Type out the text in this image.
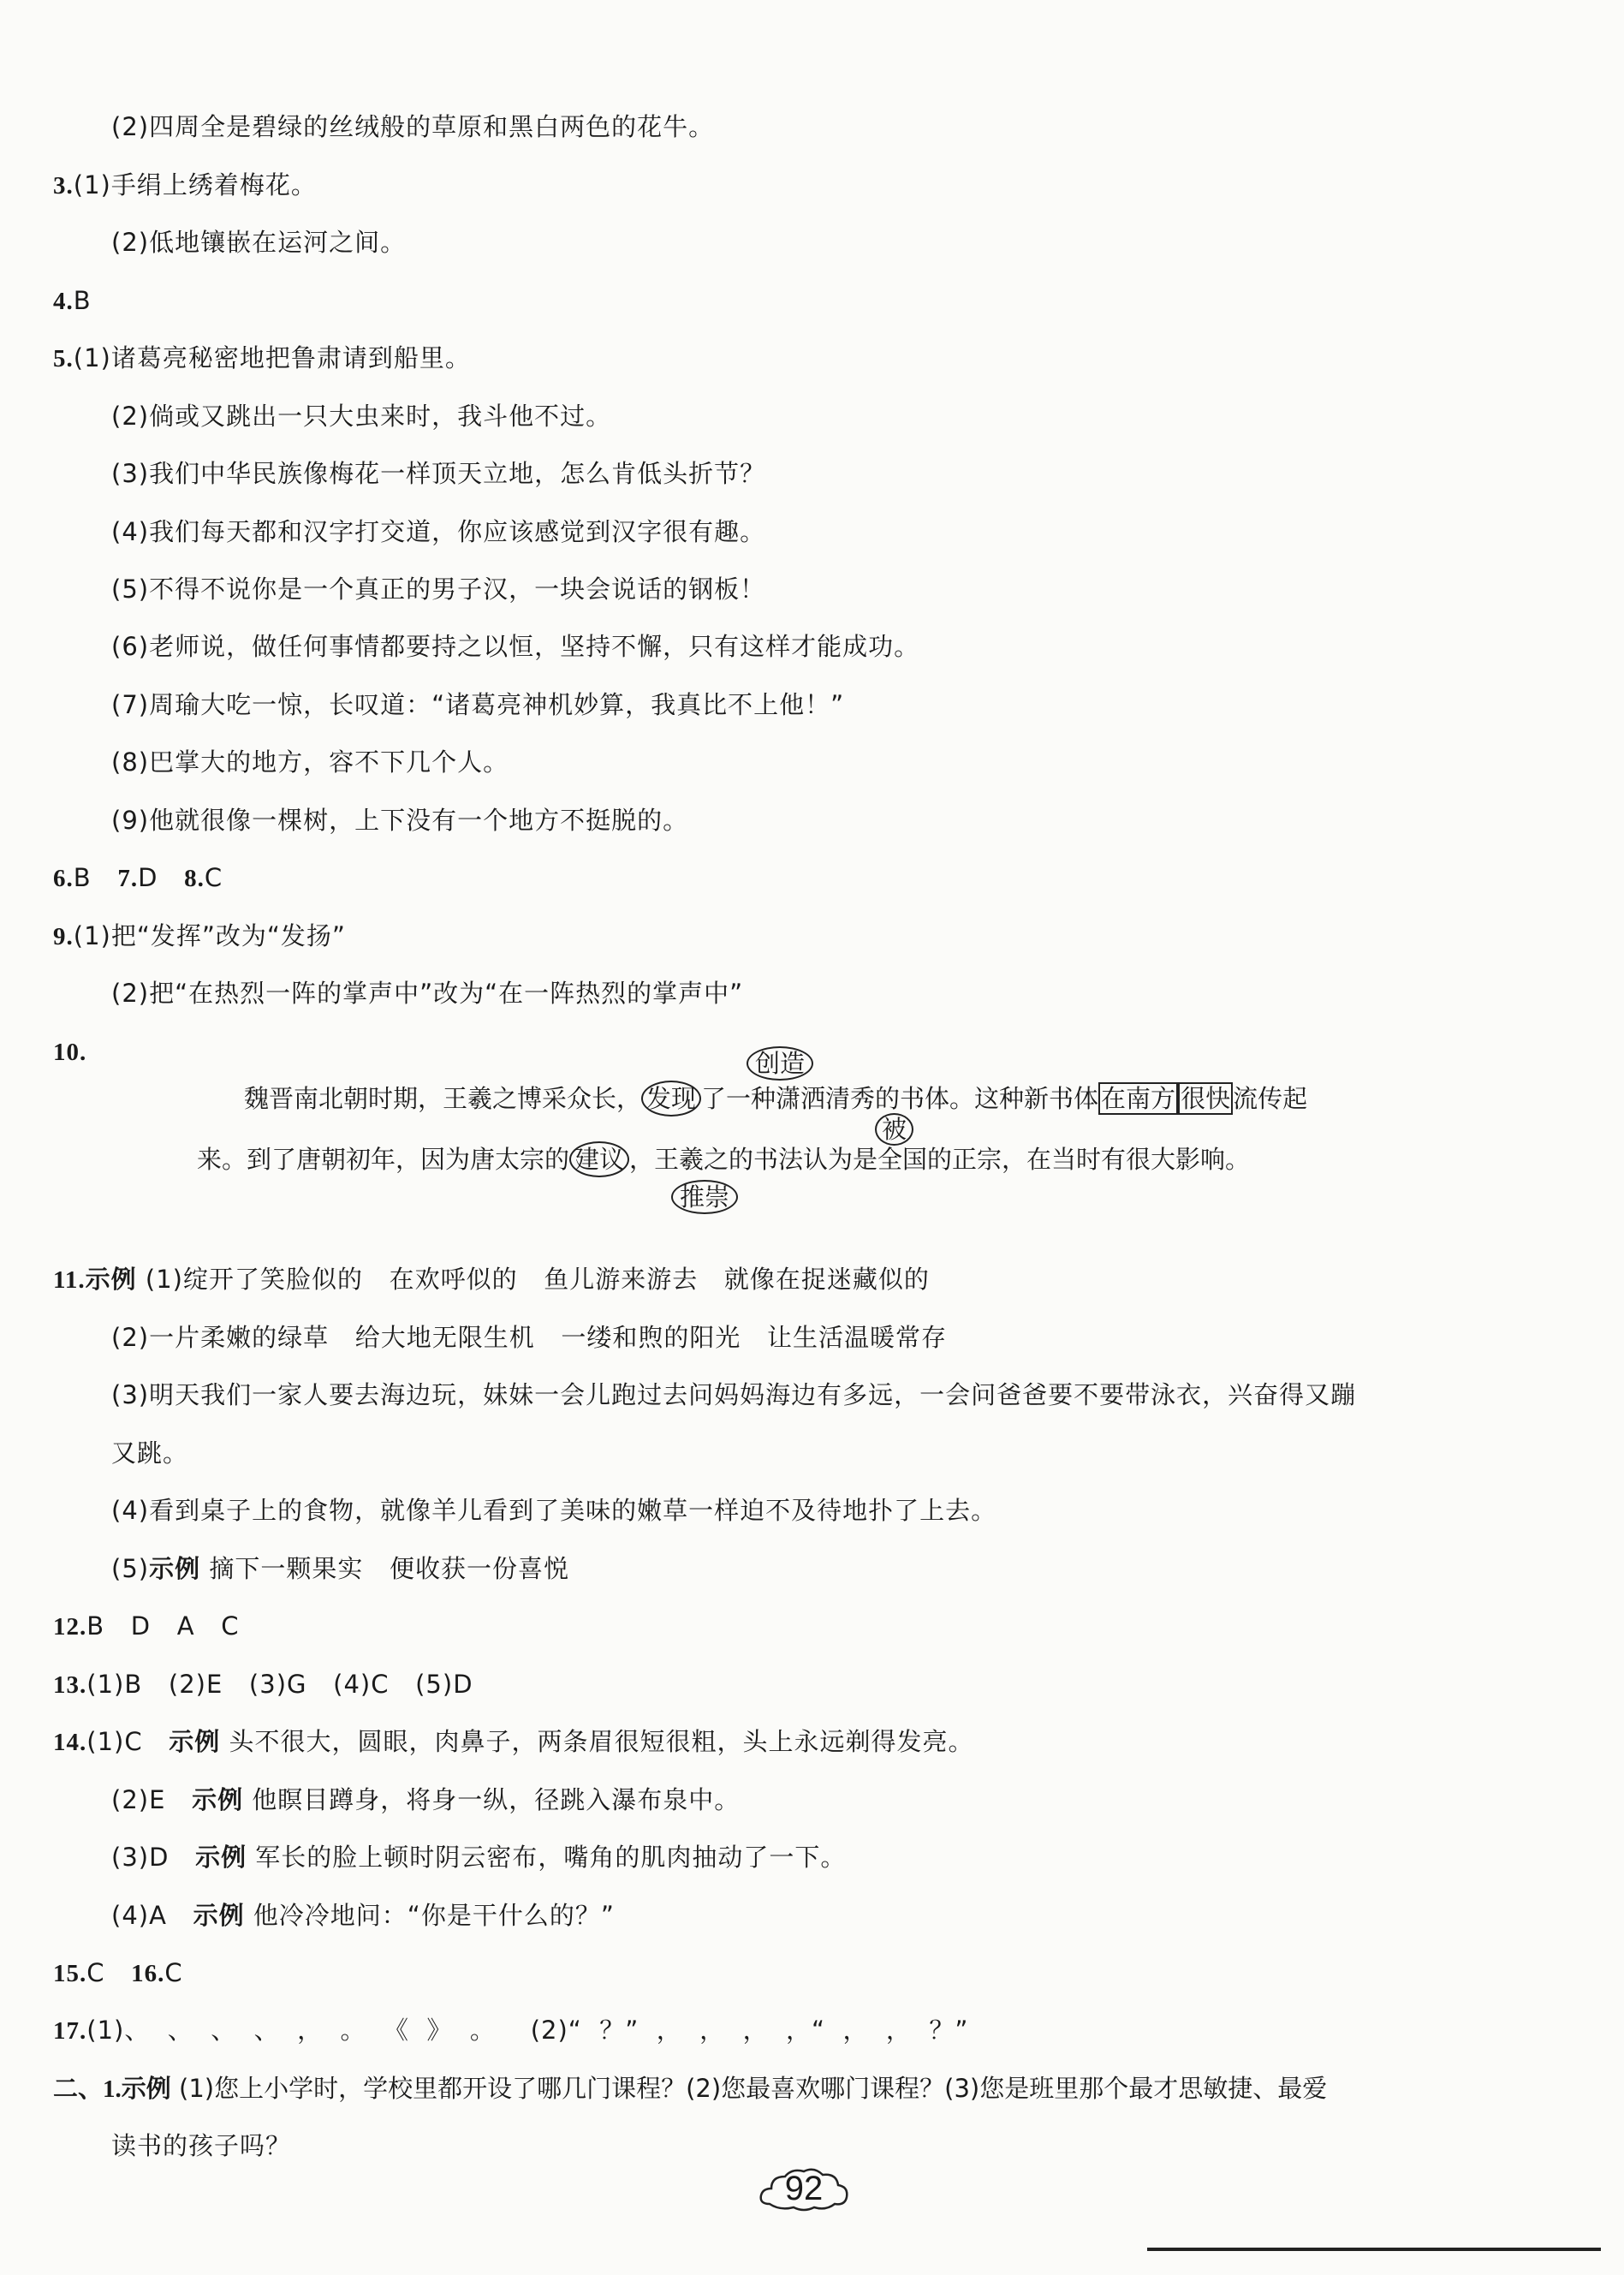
(2)四周全是碧绿的丝绒般的草原和黑白两色的花牛。
3.(1)手绢上绣着梅花。
(2)低地镶嵌在运河之间。
4.B
5.(1)诸葛亮秘密地把鲁肃请到船里。
(2)倘或又跳出一只大虫来时，我斗他不过。
(3)我们中华民族像梅花一样顶天立地，怎么肯低头折节？
(4)我们每天都和汉字打交道，你应该感觉到汉字很有趣。
(5)不得不说你是一个真正的男子汉，一块会说话的钢板！
(6)老师说，做任何事情都要持之以恒，坚持不懈，只有这样才能成功。
(7)周瑜大吃一惊，长叹道：“诸葛亮神机妙算，我真比不上他！”
(8)巴掌大的地方，容不下几个人。
(9)他就很像一棵树，上下没有一个地方不挺脱的。
6.B   7.D   8.C
9.(1)把“发挥”改为“发扬”
(2)把“在热烈一阵的掌声中”改为“在一阵热烈的掌声中”
10.	创造
魏晋南北朝时期，王羲之博采众长， 发现 了一种潇洒清秀的书体。这种新书体 在南方 很快 流传起
被
来。到了唐朝初年，因为唐太宗的 建议 ，王羲之的书法认为是全国的正宗，在当时有很大影响。
推崇
11.示例 (1)绽开了笑脸似的   在欢呼似的   鱼儿游来游去   就像在捉迷藏似的
(2)一片柔嫩的绿草   给大地无限生机   一缕和煦的阳光   让生活温暖常存
(3)明天我们一家人要去海边玩，妹妹一会儿跑过去问妈妈海边有多远，一会问爸爸要不要带泳衣，兴奋得又蹦
又跳。
(4)看到桌子上的食物，就像羊儿看到了美味的嫩草一样迫不及待地扑了上去。
(5)示例 摘下一颗果实   便收获一份喜悦
12.B   D   A   C
13.(1)B   (2)E   (3)G   (4)C   (5)D
14.(1)C   示例 头不很大，圆眼，肉鼻子，两条眉很短很粗，头上永远剃得发亮。
(2)E   示例 他瞑目蹲身，将身一纵，径跳入瀑布泉中。
(3)D   示例 军长的脸上顿时阴云密布，嘴角的肌肉抽动了一下。
(4)A   示例 他冷冷地问：“你是干什么的？”
15.C   16.C
17.(1)、  、  、  、  ，  。  《  》  。    (2)“  ？”  ，  ，  ，  ，“  ，  ，  ？”
二、1.示例 (1)您上小学时，学校里都开设了哪几门课程？(2)您最喜欢哪门课程？(3)您是班里那个最才思敏捷、最爱
读书的孩子吗？
92
